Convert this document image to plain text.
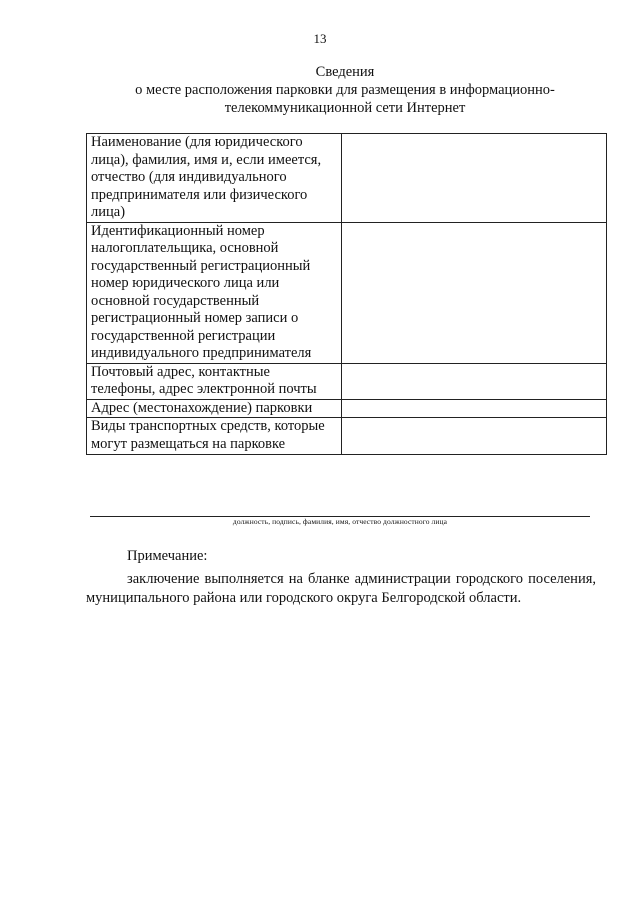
13
Сведения
о месте расположения парковки для размещения в информационно-
телекоммуникационной сети Интернет
Наименование (для юридического лица), фамилия, имя и, если имеется, отчество (для индивидуального предпринимателя или физического лица)	
Идентификационный номер налогоплательщика, основной государственный регистрационный номер юридического лица или основной государственный регистрационный номер записи о государственной регистрации индивидуального предпринимателя	
Почтовый адрес, контактные телефоны, адрес электронной почты	
Адрес (местонахождение) парковки	
Виды транспортных средств, которые могут размещаться на парковке	
должность, подпись, фамилия, имя, отчество должностного лица
Примечание:
заключение выполняется на бланке администрации городского поселения, муниципального района или городского округа Белгородской области.
